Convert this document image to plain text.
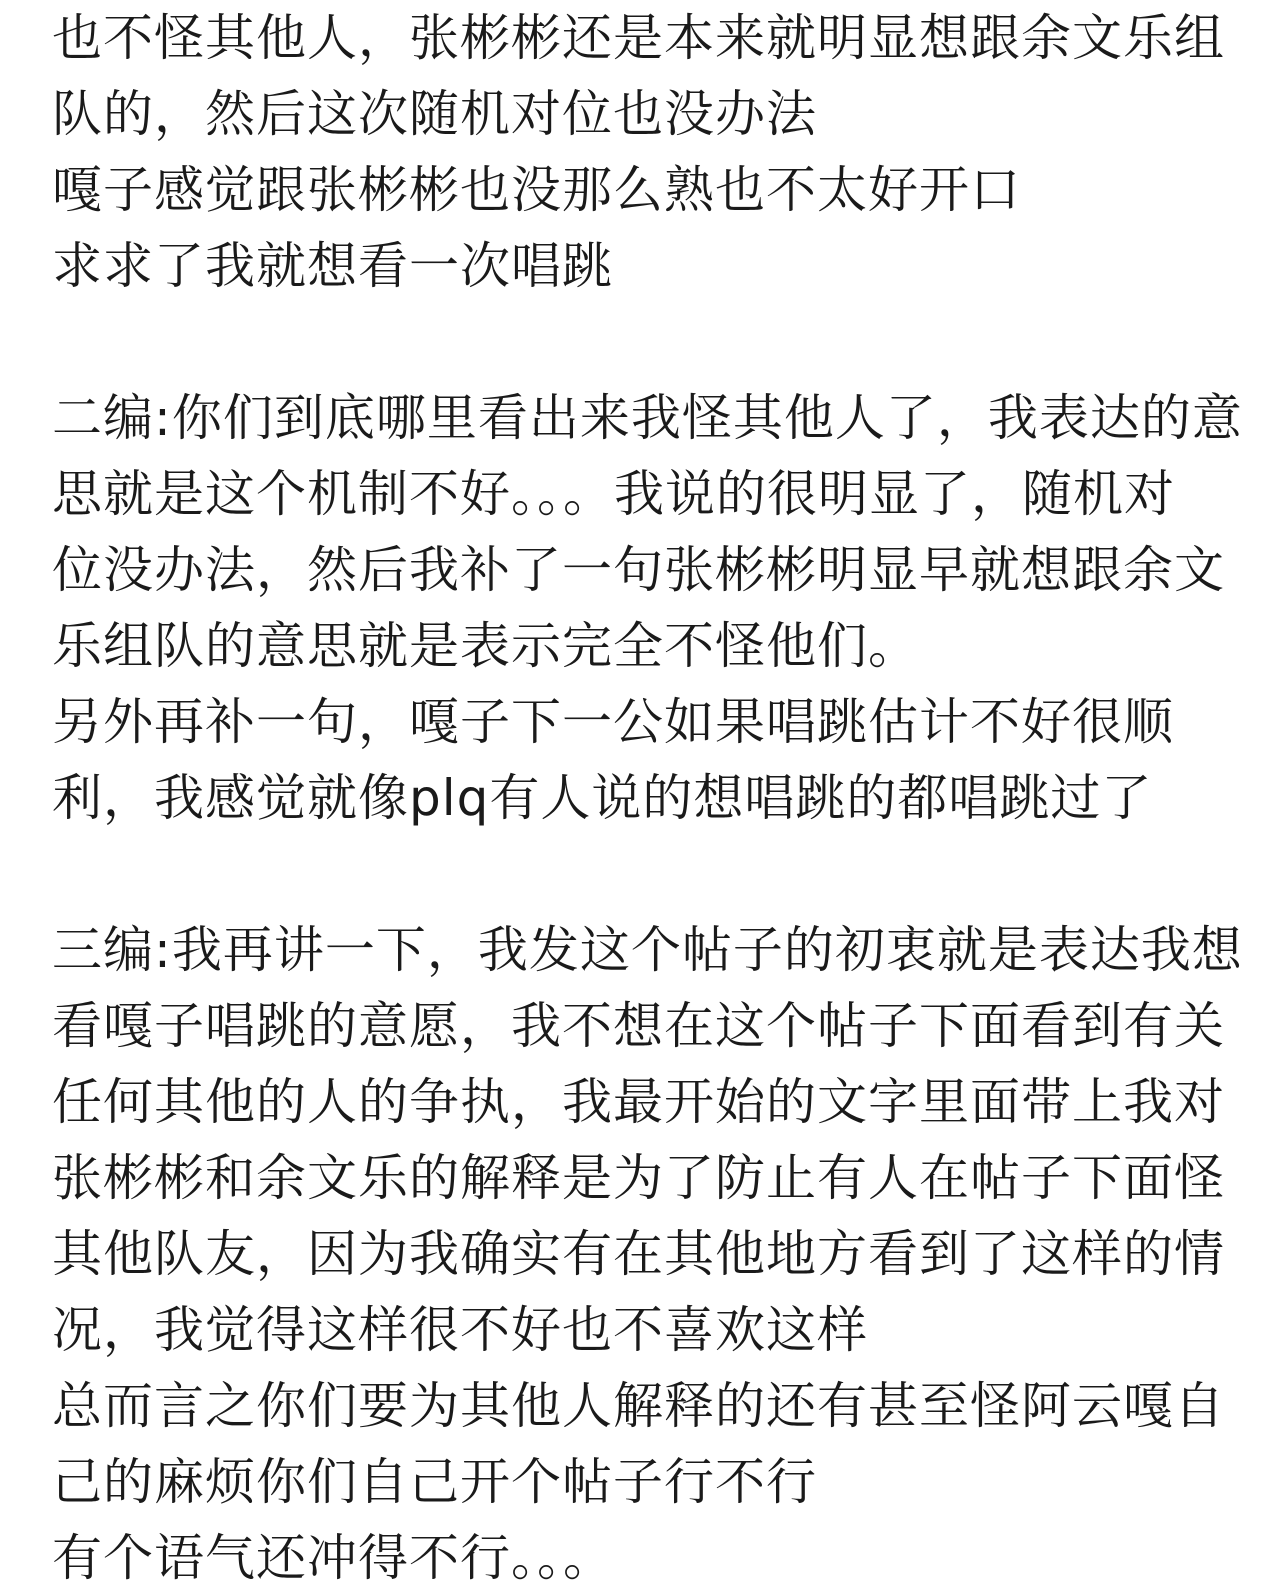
也不怪其他人，张彬彬还是本来就明显想跟余文乐组
队的，然后这次随机对位也没办法
嘎子感觉跟张彬彬也没那么熟也不太好开口
求求了我就想看一次唱跳
二编:你们到底哪里看出来我怪其他人了，我表达的意
思就是这个机制不好。。。我说的很明显了，随机对
位没办法，然后我补了一句张彬彬明显早就想跟余文
乐组队的意思就是表示完全不怪他们。
另外再补一句，嘎子下一公如果唱跳估计不好很顺
利，我感觉就像plq有人说的想唱跳的都唱跳过了
三编:我再讲一下，我发这个帖子的初衷就是表达我想
看嘎子唱跳的意愿，我不想在这个帖子下面看到有关
任何其他的人的争执，我最开始的文字里面带上我对
张彬彬和余文乐的解释是为了防止有人在帖子下面怪
其他队友，因为我确实有在其他地方看到了这样的情
况，我觉得这样很不好也不喜欢这样
总而言之你们要为其他人解释的还有甚至怪阿云嘎自
己的麻烦你们自己开个帖子行不行
有个语气还冲得不行。。。
